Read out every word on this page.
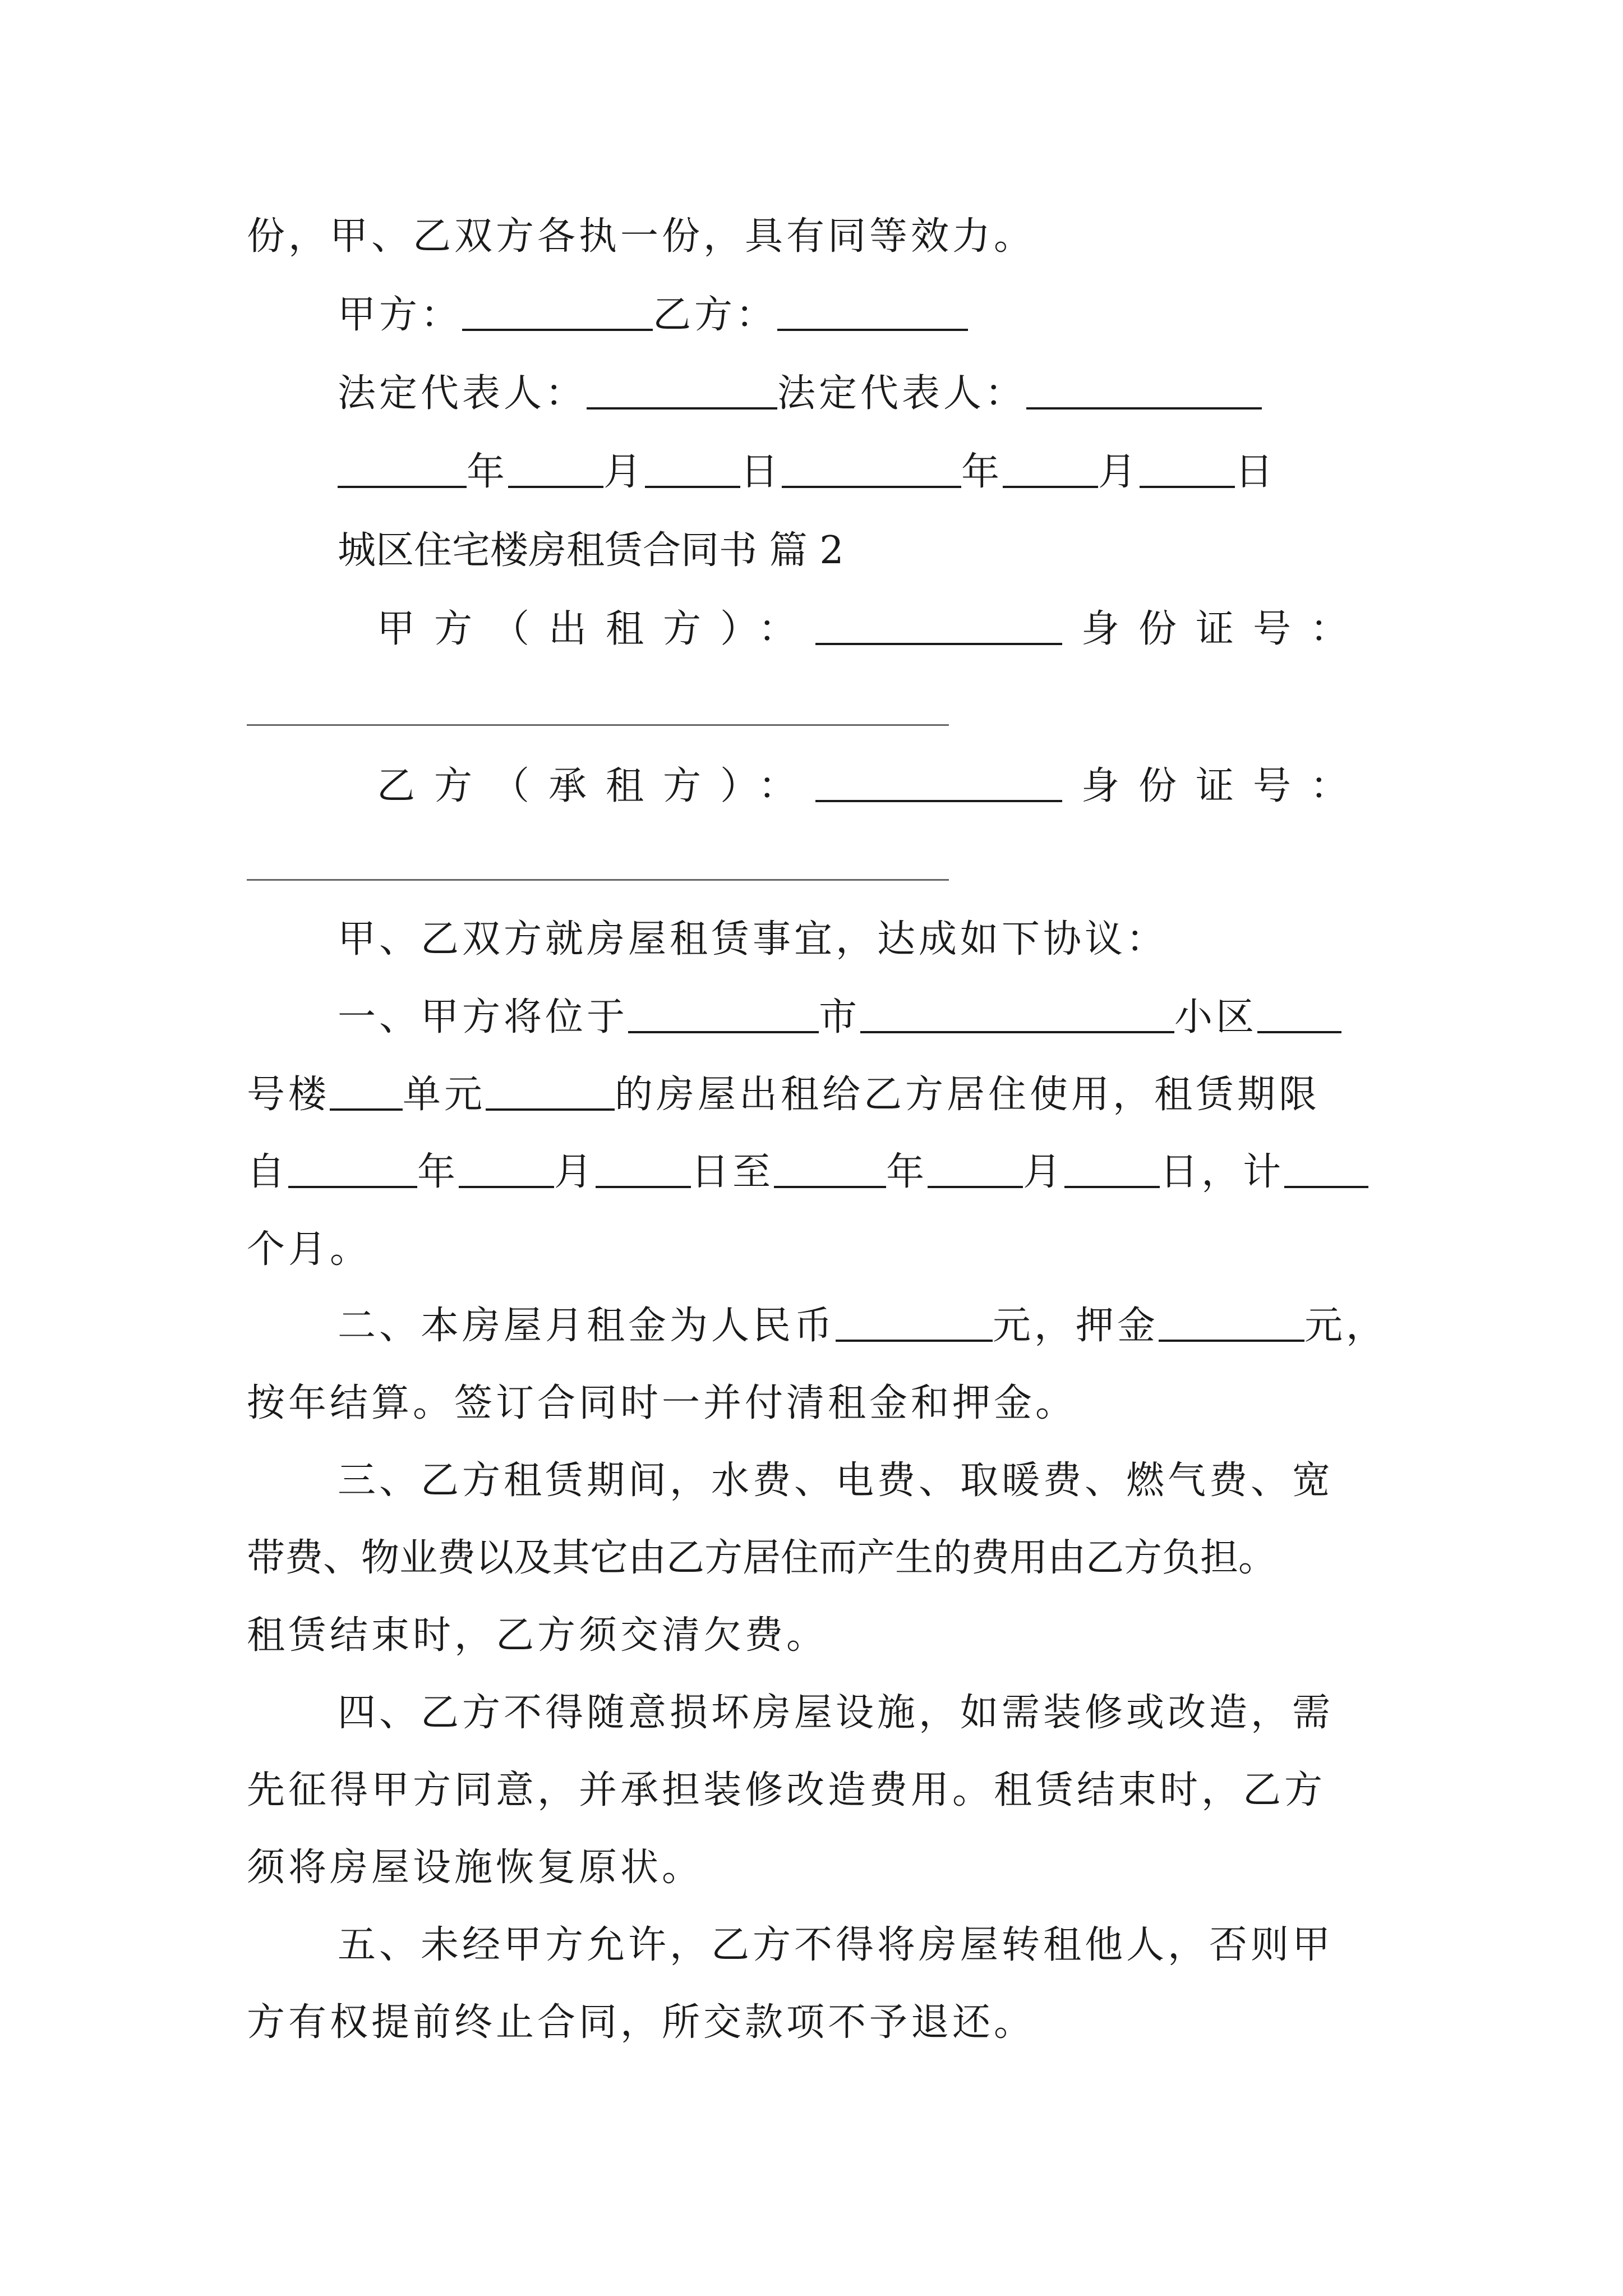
份，甲、乙双方各执一份，具有同等效力。
甲方：	乙方：
法定代表人：	法定代表人：
年	月	日	年	月	日
城区住宅楼房租赁合同书 篇 2
甲方（出租方）：	身份证号：
乙方（承租方）：	身份证号：
甲、乙双方就房屋租赁事宜，达成如下协议：
一、甲方将位于	市	小区
号楼 单元	的房屋出租给乙方居住使用，租赁期限
自	年	月	日至	年	月	日，计
个月。
二、本房屋月租金为人民币	元，押金	元，
按年结算。签订合同时一并付清租金和押金。
三、乙方租赁期间，水费、电费、取暖费、燃气费、宽
带费、物业费以及其它由乙方居住而产生的费用由乙方负担。
租赁结束时，乙方须交清欠费。
四、乙方不得随意损坏房屋设施，如需装修或改造，需
先征得甲方同意，并承担装修改造费用。租赁结束时，乙方
须将房屋设施恢复原状。
五、未经甲方允许，乙方不得将房屋转租他人，否则甲
方有权提前终止合同，所交款项不予退还。
